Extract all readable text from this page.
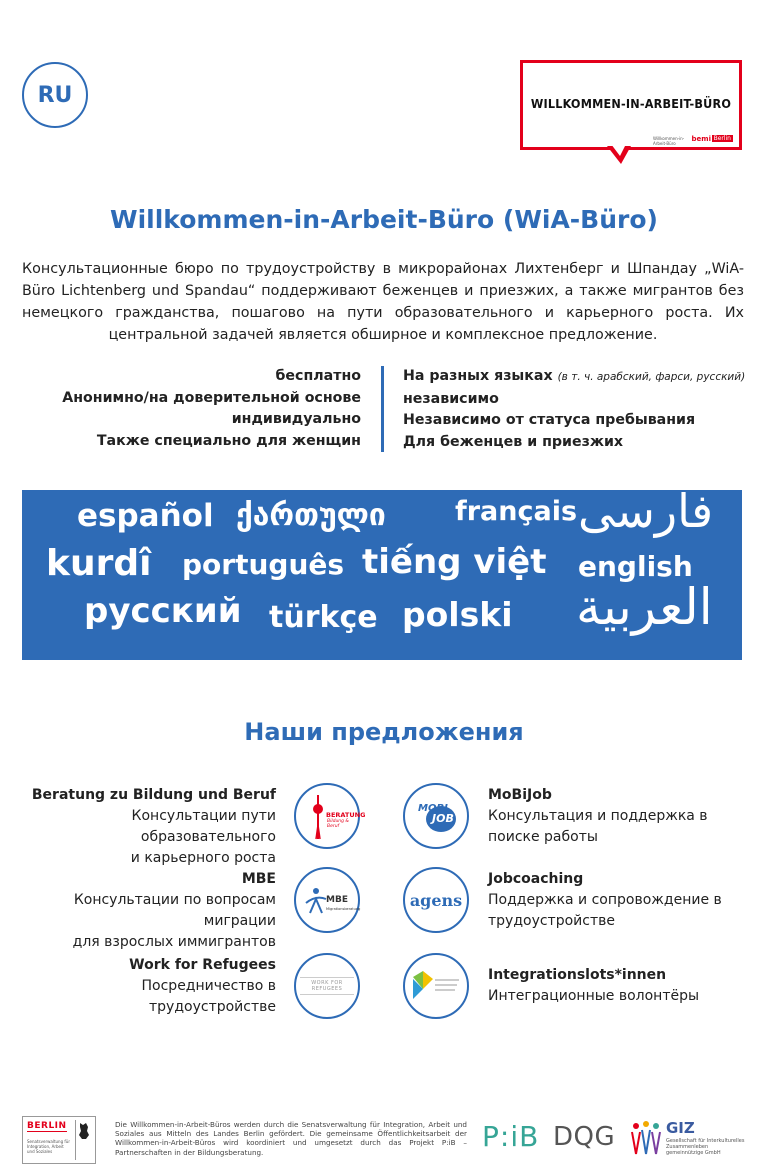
RU	WILLKOMMEN-IN-ARBEIT-BÜRO
Willkommen-in-Arbeit-Büro
bemi Berlin
Willkommen-in-Arbeit-Büro (WiA-Büro)

Консультационные бюро по трудоустройству в микрорайонах Лихтенберг и Шпандау „WiA-Büro Lichtenberg und Spandau“ поддерживают беженцев и приезжих, а также мигрантов без немецкого гражданства, пошагово на пути образовательного и карьерного роста. Их центральной задачей является обширное и комплексное предложение.

бесплатно
Анонимно/на доверительной основе
индивидуально
Также специально для женщин
На разных языках (в т. ч. арабский, фарси, русский)
независимо
Независимо от статуса пребывания
Для беженцев и приезжих
español ქართული	français فارسی
kurdî português tiếng việt english
русский türkçe polski العربية
Наши предложения
Beratung zu Bildung und Beruf
Консультации пути образовательного
и карьерного роста
BERATUNG
Bildung & Beruf
MBE
Консультации по вопросам миграции
для взрослых иммигрантов
MBE
Migrationsberatung
Work for Refugees
Посредничество в
трудоустройстве
WORK FOR REFUGEES
MOBI
JOB
MoBiJob
Консультация и поддержка в
поиске работы
agens
Jobcoaching
Поддержка и сопровождение в
трудоустройстве
Integrationslots*innen
Интеграционные волонтёры
BERLIN
Senatsverwaltung für Integration, Arbeit und Soziales

Die Willkommen-in-Arbeit-Büros werden durch die Senatsverwaltung für Integration, Arbeit und Soziales aus Mitteln des Landes Berlin gefördert. Die gemeinsame Öffentlichkeitsarbeit der Willkommen-in-Arbeit-Büros wird koordiniert und umgesetzt durch das Projekt P:iB – Partnerschaften in der Bildungsberatung.	P:iB DQG	GIZ
Gesellschaft für Interkulturelles Zusammenleben gemeinnützige GmbH
